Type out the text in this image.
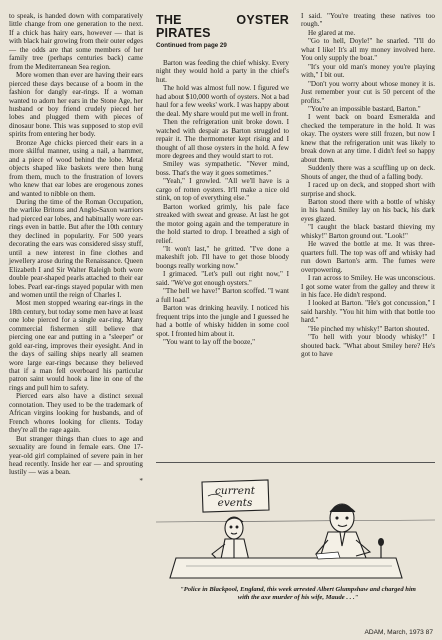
to speak, is handed down with comparatively little change from one generation to the next. If a chick has hairy ears, however — that is with black hair growing from their outer edges — the odds are that some members of her family tree (perhaps centuries back) came from the Mediterranean Sea region.

More women than ever are having their ears pierced these days because of a boom in the fashion for dangly ear-rings. If a woman wanted to adorn her ears in the Stone Age, her husband or boy friend crudely pieced her lobes and plugged them with pieces of dinosaur bone. This was supposed to stop evil spirits from entering her body.

Bronze Age chicks pierced their ears in a more skilful manner, using a nail, a hammer, and a piece of wood behind the lobe. Metal objects shaped like baskets were then hung from them, much to the frustration of lovers who knew that ear lobes are erogenous zones and wanted to nibble on them.

During the time of the Roman Occupation, the warlike Britons and Anglo-Saxon warriors had pierced ear lobes, and habitually wore ear-rings even in battle. But after the 10th century they declined in popularity. For 500 years decorating the ears was considered sissy stuff, until a new interest in fine clothes and jewellery arose during the Renaissance. Queen Elizabeth I and Sir Walter Raleigh both wore double pear-shaped pearls attached to their ear lobes. Pearl ear-rings stayed popular with men and women until the reign of Charles I.

Most men stopped wearing ear-rings in the 18th century, but today some men have at least one lobe pierced for a single ear-ring. Many commercial fishermen still believe that piercing one ear and putting in a "sleeper" or gold ear-ring, improves their eyesight. And in the days of sailing ships nearly all seamen wore large ear-rings because they believed that if a man fell overboard his particular patron saint would hook a line in one of the rings and pull him to safety.

Pierced ears also have a distinct sexual connotation. They used to be the trademark of African virgins looking for husbands, and of French whores looking for clients. Today they're all the rage again.

But stranger things than clues to age and sexuality are found in female ears. One 17-year-old girl complained of severe pain in her head recently. Inside her ear — and sprouting lustily — was a bean.

*

THE OYSTER PIRATES
Continued from page 29

Barton was feeding the chief whisky. Every night they would hold a party in the chief's hut.

The hold was almost full now. I figured we had about $10,000 worth of oysters. Not a bad haul for a few weeks' work. I was happy about the deal. My share would put me well in front.

Then the refrigeration unit broke down. I watched with despair as Barton struggled to repair it. The thermometer kept rising and I thought of all those oysters in the hold. A few more degrees and they would start to rot.

Smiley was sympathetic. "Never mind, boss. That's the way it goes sometimes."

"Yeah," I growled. "All we'll have is a cargo of rotten oysters. It'll make a nice old stink, on top of everything else."

Barton worked grimly, his pale face streaked with sweat and grease. At last he got the motor going again and the temperature in the hold started to drop. I breathed a sigh of relief.

"It won't last," he gritted. "I've done a makeshift job. I'll have to get those bloody boongs really working now."

I grimaced. "Let's pull out right now," I said. "We've got enough oysters."

"The hell we have!" Barton scoffed. "I want a full load."

Barton was drinking heavily. I noticed his frequent trips into the jungle and I guessed he had a bottle of whisky hidden in some cool spot. I fronted him about it.

"You want to lay off the booze,"

I said. "You're treating these natives too rough."

He glared at me.

"Go to hell, Doyle!" he snarled. "I'll do what I like! It's all my money involved here. You only supply the boat."

"It's your old man's money you're playing with," I bit out.

"Don't you worry about whose money it is. Just remember your cut is 50 percent of the profits."

"You're an impossible bastard, Barton."

I went back on board Esmeralda and checked the temperature in the hold. It was okay. The oysters were still frozen, but now I knew that the refrigeration unit was likely to break down at any time. I didn't feel so happy about them.

Suddenly there was a scuffling up on deck. Shouts of anger, the thud of a falling body.

I raced up on deck, and stopped short with surprise and shock.

Barton stood there with a bottle of whisky in his hand. Smiley lay on his back, his dark eyes glazed.

"I caught the black bastard thieving my whisky!" Barton ground out. "Look!"

He waved the bottle at me. It was three-quarters full. The top was off and whisky had run down Barton's arm. The fumes were overpowering.

I ran across to Smiley. He was unconscious. I got some water from the galley and threw it in his face. He didn't respond.

I looked at Barton. "He's got concussion," I said harshly. "You hit him with that bottle too hard."

"He pinched my whisky!" Barton shouted.

"To hell with your bloody whisky!" I shouted back. "What about Smiley here? He's got to have

current
events
"Police in Blackpool, England, this week arrested Albert Glumpshaw and charged him with the axe murder of his wife, Maude . . ."
ADAM, March, 1973 87
